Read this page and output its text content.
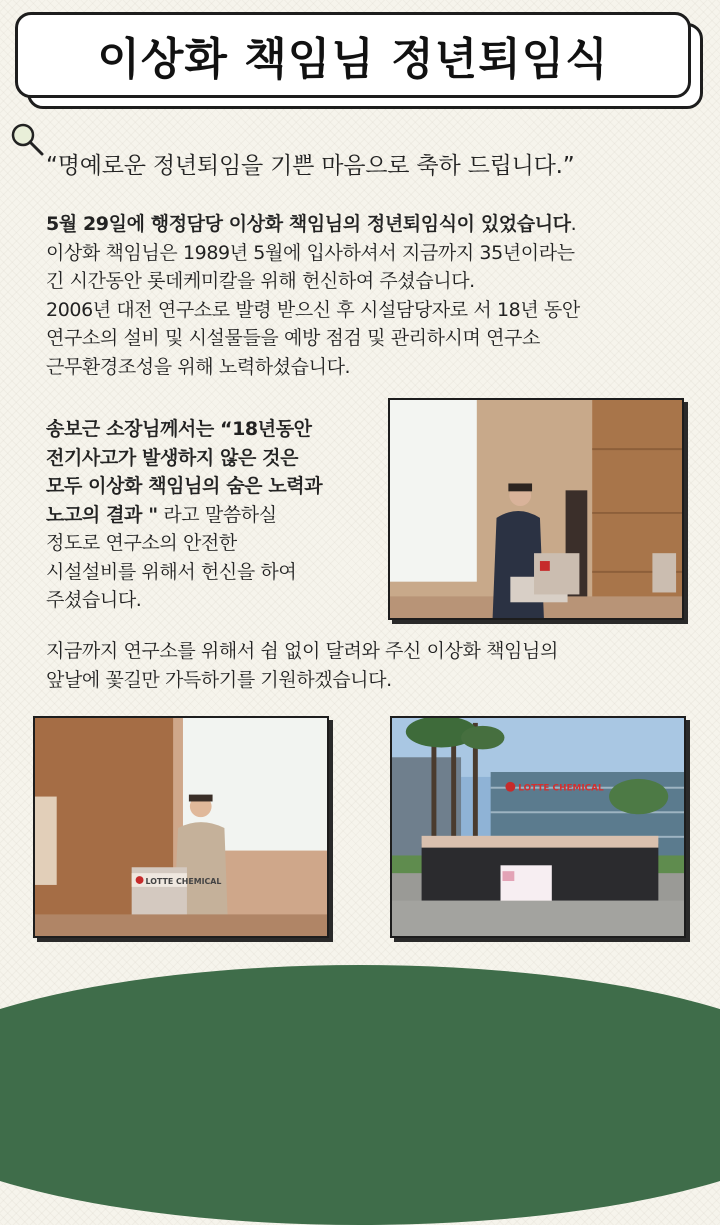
이상화 책임님 정년퇴임식
“명예로운 정년퇴임을 기쁜 마음으로 축하 드립니다.”
5월 29일에 행정담당 이상화 책임님의 정년퇴임식이 있었습니다.
이상화 책임님은 1989년 5월에 입사하셔서 지금까지 35년이라는
긴 시간동안 롯데케미칼을 위해 헌신하여 주셨습니다.
2006년 대전 연구소로 발령 받으신 후 시설담당자로 서 18년 동안
연구소의 설비 및 시설물들을 예방 점검 및 관리하시며 연구소
근무환경조성을 위해 노력하셨습니다.
송보근 소장님께서는 “18년동안
전기사고가 발생하지 않은 것은
모두 이상화 책임님의 숨은 노력과
노고의 결과 " 라고 말씀하실
정도로 연구소의 안전한
시설설비를 위해서 헌신을 하여
주셨습니다.
지금까지 연구소를 위해서 쉼 없이 달려와 주신 이상화 책임님의
앞날에 꽃길만 가득하기를 기원하겠습니다.
LOTTE CHEMICAL
LOTTE CHEMICAL
